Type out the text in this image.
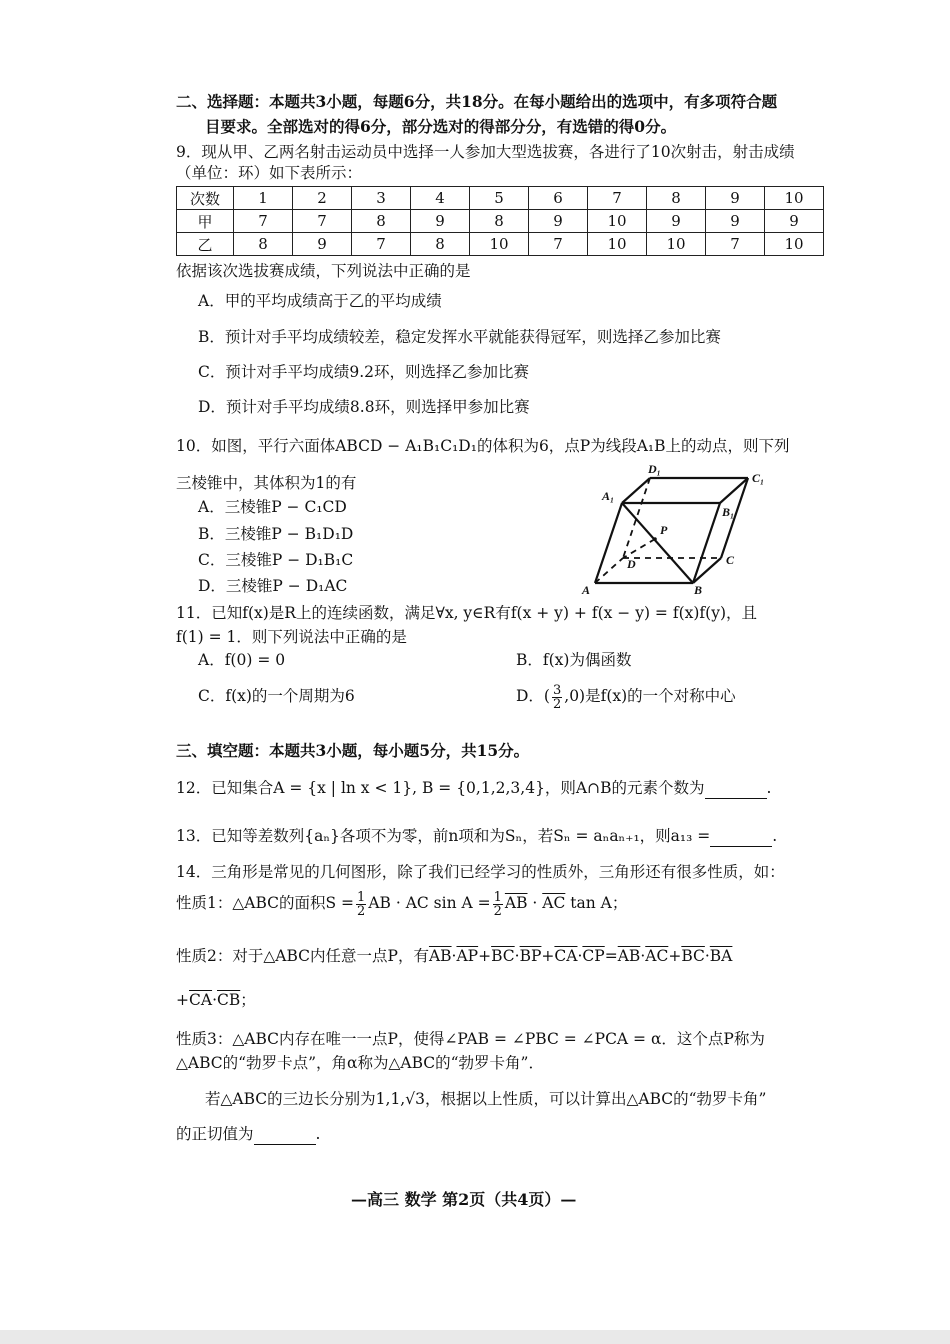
二、选择题：本题共3小题，每题6分，共18分。在每小题给出的选项中，有多项符合题
目要求。全部选对的得6分，部分选对的得部分分，有选错的得0分。
9．现从甲、乙两名射击运动员中选择一人参加大型选拔赛，各进行了10次射击，射击成绩
（单位：环）如下表所示：
次数	1	2	3	4	5	6	7	8	9	10
甲	7	7	8	9	8	9	10	9	9	9
乙	8	9	7	8	10	7	10	10	7	10
依据该次选拔赛成绩，下列说法中正确的是
A．甲的平均成绩高于乙的平均成绩
B．预计对手平均成绩较差，稳定发挥水平就能获得冠军，则选择乙参加比赛
C．预计对手平均成绩9.2环，则选择乙参加比赛
D．预计对手平均成绩8.8环，则选择甲参加比赛
10．如图，平行六面体ABCD − A₁B₁C₁D₁的体积为6，点P为线段A₁B上的动点，则下列
三棱锥中，其体积为1的有
A．三棱锥P − C₁CD
B．三棱锥P − B₁D₁D
C．三棱锥P − D₁B₁C
D．三棱锥P − D₁AC	A	B
C
D
A₁
B₁
C₁
D₁
P
11．已知f(x)是R上的连续函数，满足∀x, y∈R有f(x + y) + f(x − y) = f(x)f(y)，且
f(1) = 1．则下列说法中正确的是
A．f(0) = 0	B．f(x)为偶函数
C．f(x)的一个周期为6	D．( $\frac{3}{2} ,0$)是f(x)的一个对称中心
三、填空题：本题共3小题，每小题5分，共15分。
12．已知集合A = {x | ln x < 1}, B = {0,1,2,3,4}，则A∩B的元素个数为	.
13．已知等差数列{aₙ}各项不为零，前n项和为Sₙ，若Sₙ = aₙaₙ₊₁，则a₁₃ =	.
14．三角形是常见的几何图形，除了我们已经学习的性质外，三角形还有很多性质，如：
性质1：△ABC的面积$S = \frac{1}{2}$ AB · AC $\sin A = \frac{1}{2} \overline{AB} \cdot \overline{AC}$ tan A；
性质2：对于△ABC内任意一点P，有$\overline{AB}\cdot\overline{AP}+\overline{BC}\cdot\overline{BP}+\overline{CA}\cdot\overline{CP}=\overline{AB}\cdot\overline{AC}+\overline{BC}\cdot\overline{BA}$
$+\overline{CA}\cdot\overline{CB}$；
性质3：△ABC内存在唯一一点P，使得∠PAB = ∠PBC = ∠PCA = α．这个点P称为
△ABC的“勃罗卡点”，角α称为△ABC的“勃罗卡角”．
若△ABC的三边长分别为1,1,√3，根据以上性质，可以计算出△ABC的“勃罗卡角”
的正切值为	.
—高三 数学 第2页（共4页）—
